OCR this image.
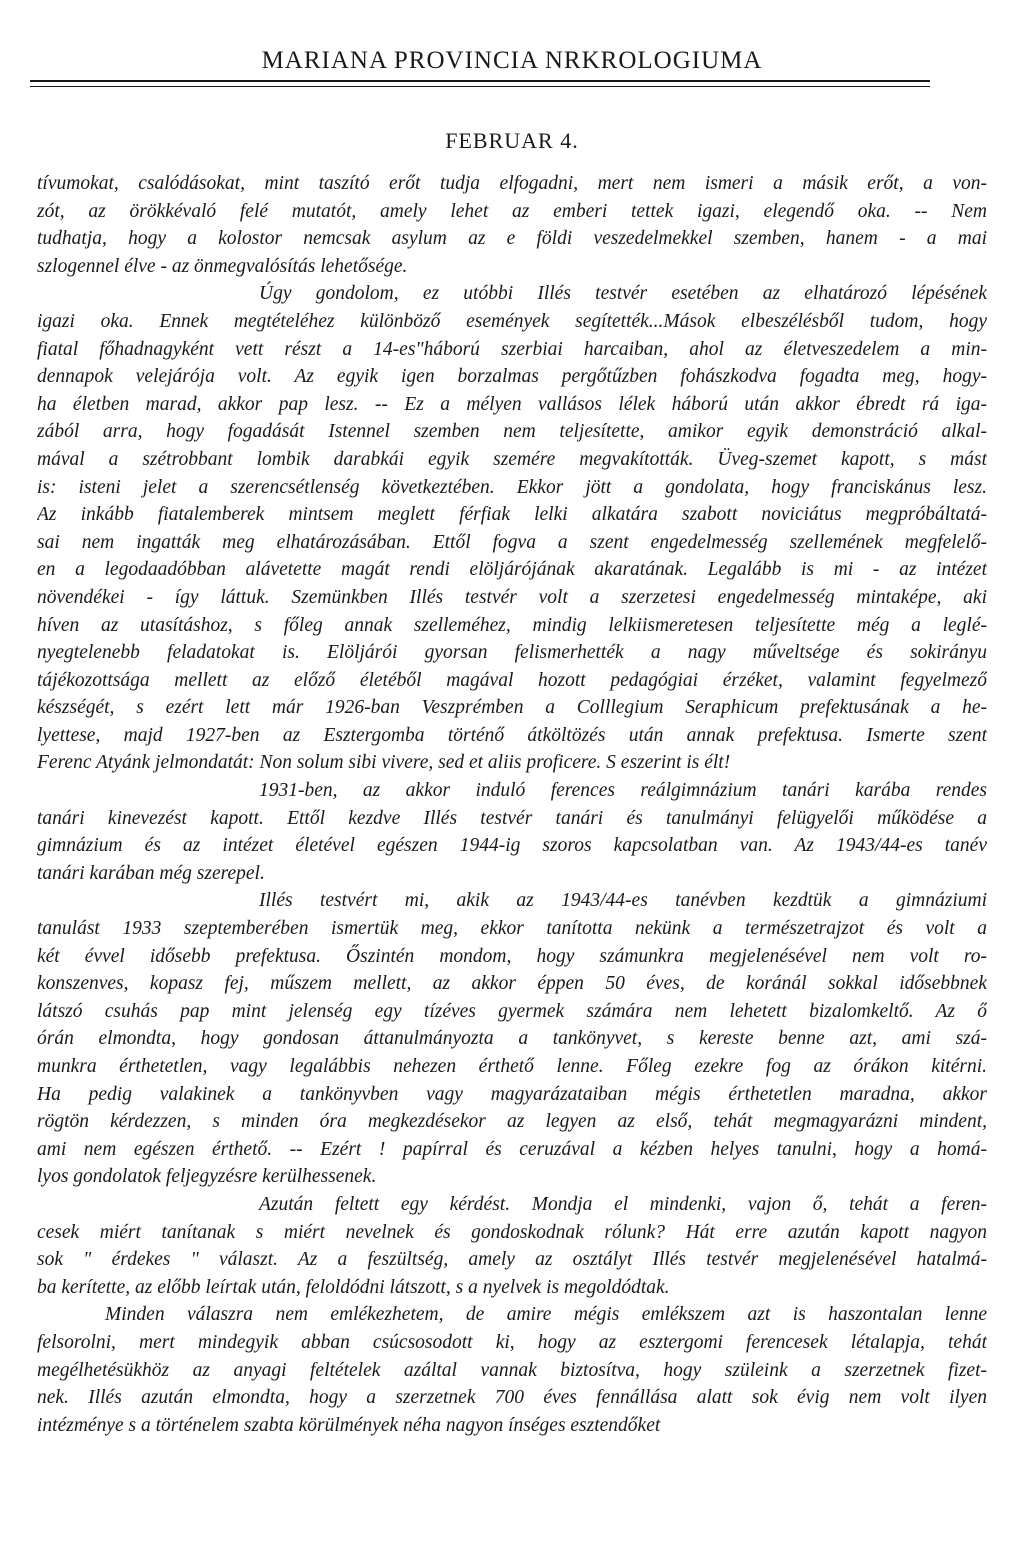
MARIANA PROVINCIA NRKROLOGIUMA
FEBRUAR 4.
tívumokat, csalódásokat, mint taszító erőt tudja elfogadni, mert nem ismeri a másik erőt, a von-
zót, az örökkévaló felé mutatót, amely lehet az emberi tettek igazi, elegendő oka. -- Nem
tudhatja, hogy a kolostor nemcsak asylum az e földi veszedelmekkel szemben, hanem - a mai
szlogennel élve - az önmegvalósítás lehetősége.
Úgy gondolom, ez utóbbi Illés testvér esetében az elhatározó lépésének
igazi oka. Ennek megtételéhez különböző események segítették...Mások elbeszélésből tudom, hogy
fiatal főhadnagyként vett részt a 14-es"háború szerbiai harcaiban, ahol az életveszedelem a min-
dennapok velejárója volt. Az egyik igen borzalmas pergőtűzben fohászkodva fogadta meg, hogy-
ha életben marad, akkor pap lesz. -- Ez a mélyen vallásos lélek háború után akkor ébredt rá iga-
zából arra, hogy fogadását Istennel szemben nem teljesítette, amikor egyik demonstráció alkal-
mával a szétrobbant lombik darabkái egyik szemére megvakították. Üveg-szemet kapott, s mást
is: isteni jelet a szerencsétlenség következtében. Ekkor jött a gondolata, hogy franciskánus lesz.
Az inkább fiatalemberek mintsem meglett férfiak lelki alkatára szabott noviciátus megpróbáltatá-
sai nem ingatták meg elhatározásában. Ettől fogva a szent engedelmesség szellemének megfelelő-
en a legodaadóbban alávetette magát rendi elöljárójának akaratának. Legalább is mi - az intézet
növendékei - így láttuk. Szemünkben Illés testvér volt a szerzetesi engedelmesség mintaképe, aki
híven az utasításhoz, s főleg annak szelleméhez, mindig lelkiismeretesen teljesítette még a leglé-
nyegtelenebb feladatokat is. Elöljárói gyorsan felismerhették a nagy műveltsége és sokirányu
tájékozottsága mellett az előző életéből magával hozott pedagógiai érzéket, valamint fegyelmező
készségét, s ezért lett már 1926-ban Veszprémben a Colllegium Seraphicum prefektusának a he-
lyettese, majd 1927-ben az Esztergomba történő átköltözés után annak prefektusa. Ismerte szent
Ferenc Atyánk jelmondatát: Non solum sibi vivere, sed et aliis proficere. S eszerint is élt!
1931-ben, az akkor induló ferences reálgimnázium tanári karába rendes
tanári kinevezést kapott. Ettől kezdve Illés testvér tanári és tanulmányi felügyelői működése a
gimnázium és az intézet életével egészen 1944-ig szoros kapcsolatban van. Az 1943/44-es tanév
tanári karában még szerepel.
Illés testvért mi, akik az 1943/44-es tanévben kezdtük a gimnáziumi
tanulást 1933 szeptemberében ismertük meg, ekkor tanította nekünk a természetrajzot és volt a
két évvel idősebb prefektusa. Őszintén mondom, hogy számunkra megjelenésével nem volt ro-
konszenves, kopasz fej, műszem mellett, az akkor éppen 50 éves, de koránál sokkal idősebbnek
látszó csuhás pap mint jelenség egy tízéves gyermek számára nem lehetett bizalomkeltő. Az ő
órán elmondta, hogy gondosan áttanulmányozta a tankönyvet, s kereste benne azt, ami szá-
munkra érthetetlen, vagy legalábbis nehezen érthető lenne. Főleg ezekre fog az órákon kitérni.
Ha pedig valakinek a tankönyvben vagy magyarázataiban mégis érthetetlen maradna, akkor
rögtön kérdezzen, s minden óra megkezdésekor az legyen az első, tehát megmagyarázni mindent,
ami nem egészen érthető. -- Ezért ! papírral és ceruzával a kézben helyes tanulni, hogy a homá-
lyos gondolatok feljegyzésre kerülhessenek.
Azután feltett egy kérdést. Mondja el mindenki, vajon ő, tehát a feren-
cesek miért tanítanak s miért nevelnek és gondoskodnak rólunk? Hát erre azután kapott nagyon
sok " érdekes " választ. Az a feszültség, amely az osztályt Illés testvér megjelenésével hatalmá-
ba kerítette, az előbb leírtak után, feloldódni látszott, s a nyelvek is megoldódtak.
Minden válaszra nem emlékezhetem, de amire mégis emlékszem azt is haszontalan lenne
felsorolni, mert mindegyik abban csúcsosodott ki, hogy az esztergomi ferencesek létalapja, tehát
megélhetésükhöz az anyagi feltételek azáltal vannak biztosítva, hogy szüleink a szerzetnek fizet-
nek. Illés azután elmondta, hogy a szerzetnek 700 éves fennállása alatt sok évig nem volt ilyen
intézménye s a történelem szabta körülmények néha nagyon ínséges esztendőket
